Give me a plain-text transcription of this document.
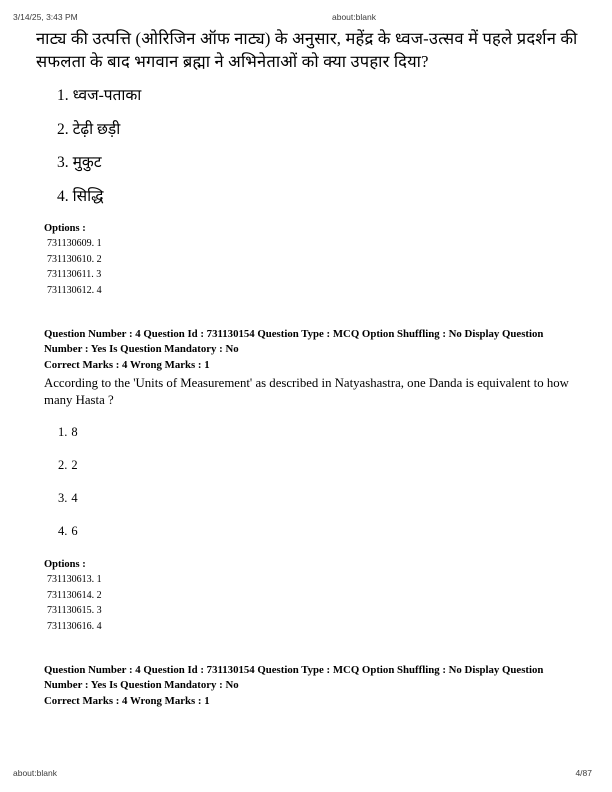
3/14/25, 3:43 PM	about:blank

नाट्य की उत्पत्ति (ओरिजिन ऑफ नाट्य) के अनुसार, महेंद्र के ध्वज-उत्सव में पहले प्रदर्शन की सफलता के बाद भगवान ब्रह्मा ने अभिनेताओं को क्या उपहार दिया?

1. ध्वज-पताका
2. टेढ़ी छड़ी
3. मुकुट
4. सिद्धि
Options :
731130609. 1
731130610. 2
731130611. 3
731130612. 4
Question Number : 4 Question Id : 731130154 Question Type : MCQ Option Shuffling : No Display Question Number : Yes Is Question Mandatory : No
Correct Marks : 4 Wrong Marks : 1

According to the 'Units of Measurement' as described in Natyashastra, one Danda is equivalent to how many Hasta ?

1. 8
2. 2
3. 4
4. 6
Options :
731130613. 1
731130614. 2
731130615. 3
731130616. 4
Question Number : 4 Question Id : 731130154 Question Type : MCQ Option Shuffling : No Display Question Number : Yes Is Question Mandatory : No
Correct Marks : 4 Wrong Marks : 1
about:blank	4/87
